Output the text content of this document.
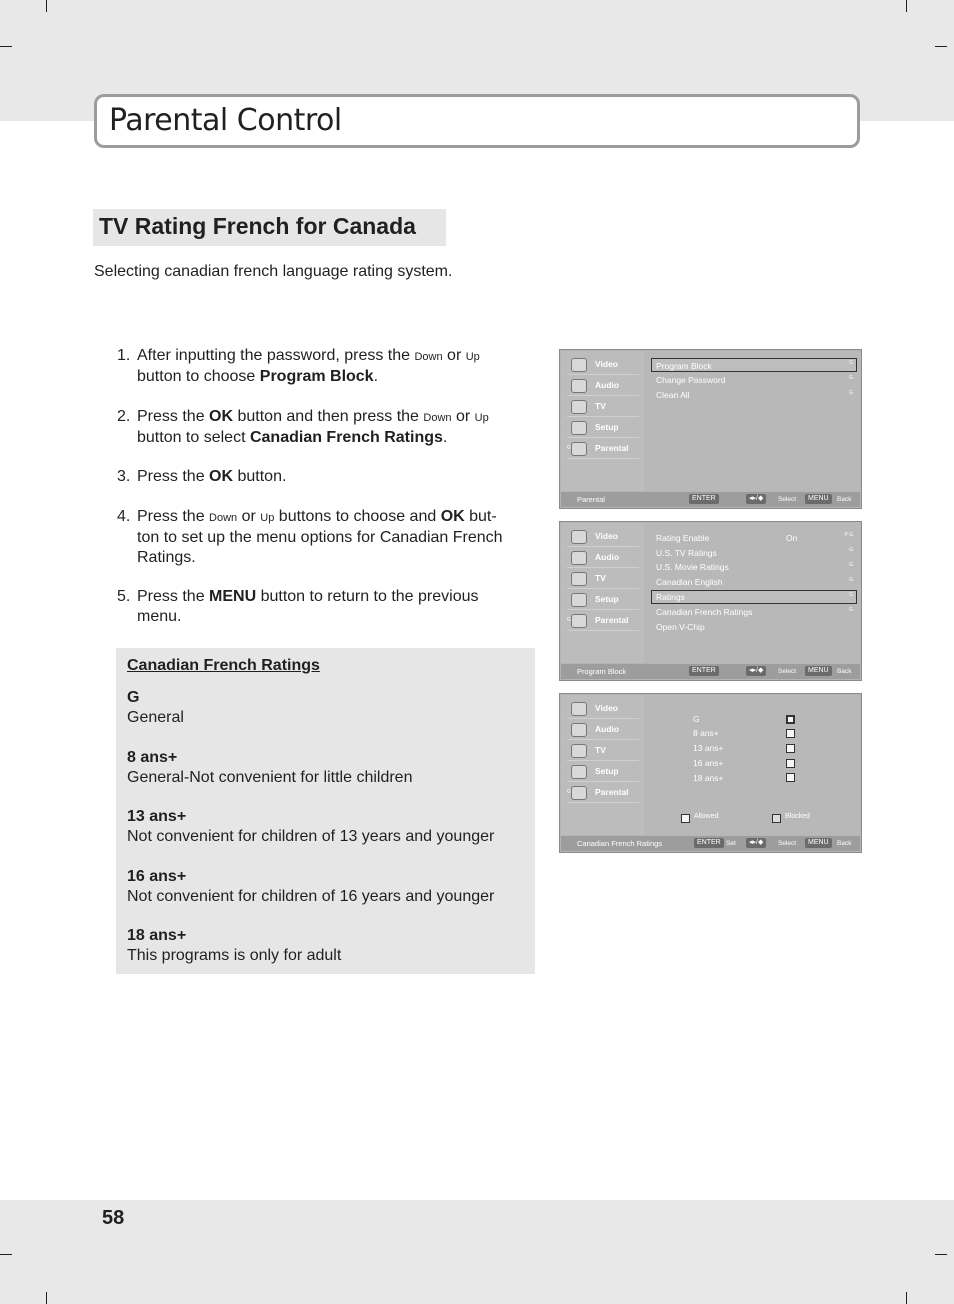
Parental Control
TV Rating French for Canada
Selecting canadian french language rating system.
1. After inputting the password, press the Down or Up
button to choose Program Block.
2. Press the OK button and then press the Down or Up
button to select Canadian French Ratings.
3. Press the OK button.
4. Press the Down or Up buttons to choose and OK but-ton to set up the menu options for Canadian French Ratings.
5. Press the MENU button to return to the previous menu.
Canadian French Ratings
G
General
8 ans+
General-Not convenient for little children
13 ans+
Not convenient for children of 13 years and younger
16 ans+
Not convenient for children of 16 years and younger
18 ans+
This programs is only for adult
Video
Audio
TV
Setup
G	Parental
Program Block	G
Change Password	G
Clean All	G
Parental	ENTER	◂▸/◆	Select	MENU	Back
Video
Audio
TV
Setup
G	Parental
Rating Enable	On	P G
U.S. TV Ratings	G
U.S. Movie Ratings	G
Canadian English	G
Ratings	G
Canadian French Ratings	G
Open V-Chip
Program Block	ENTER	◂▸/◆	Select	MENU	Back
Video
Audio
TV
Setup
G	Parental
G
8 ans+
13 ans+
16 ans+
18 ans+
Allowed	Blocked
Canadian French Ratings	ENTER Set	◂▸/◆	Select	MENU	Back
58
